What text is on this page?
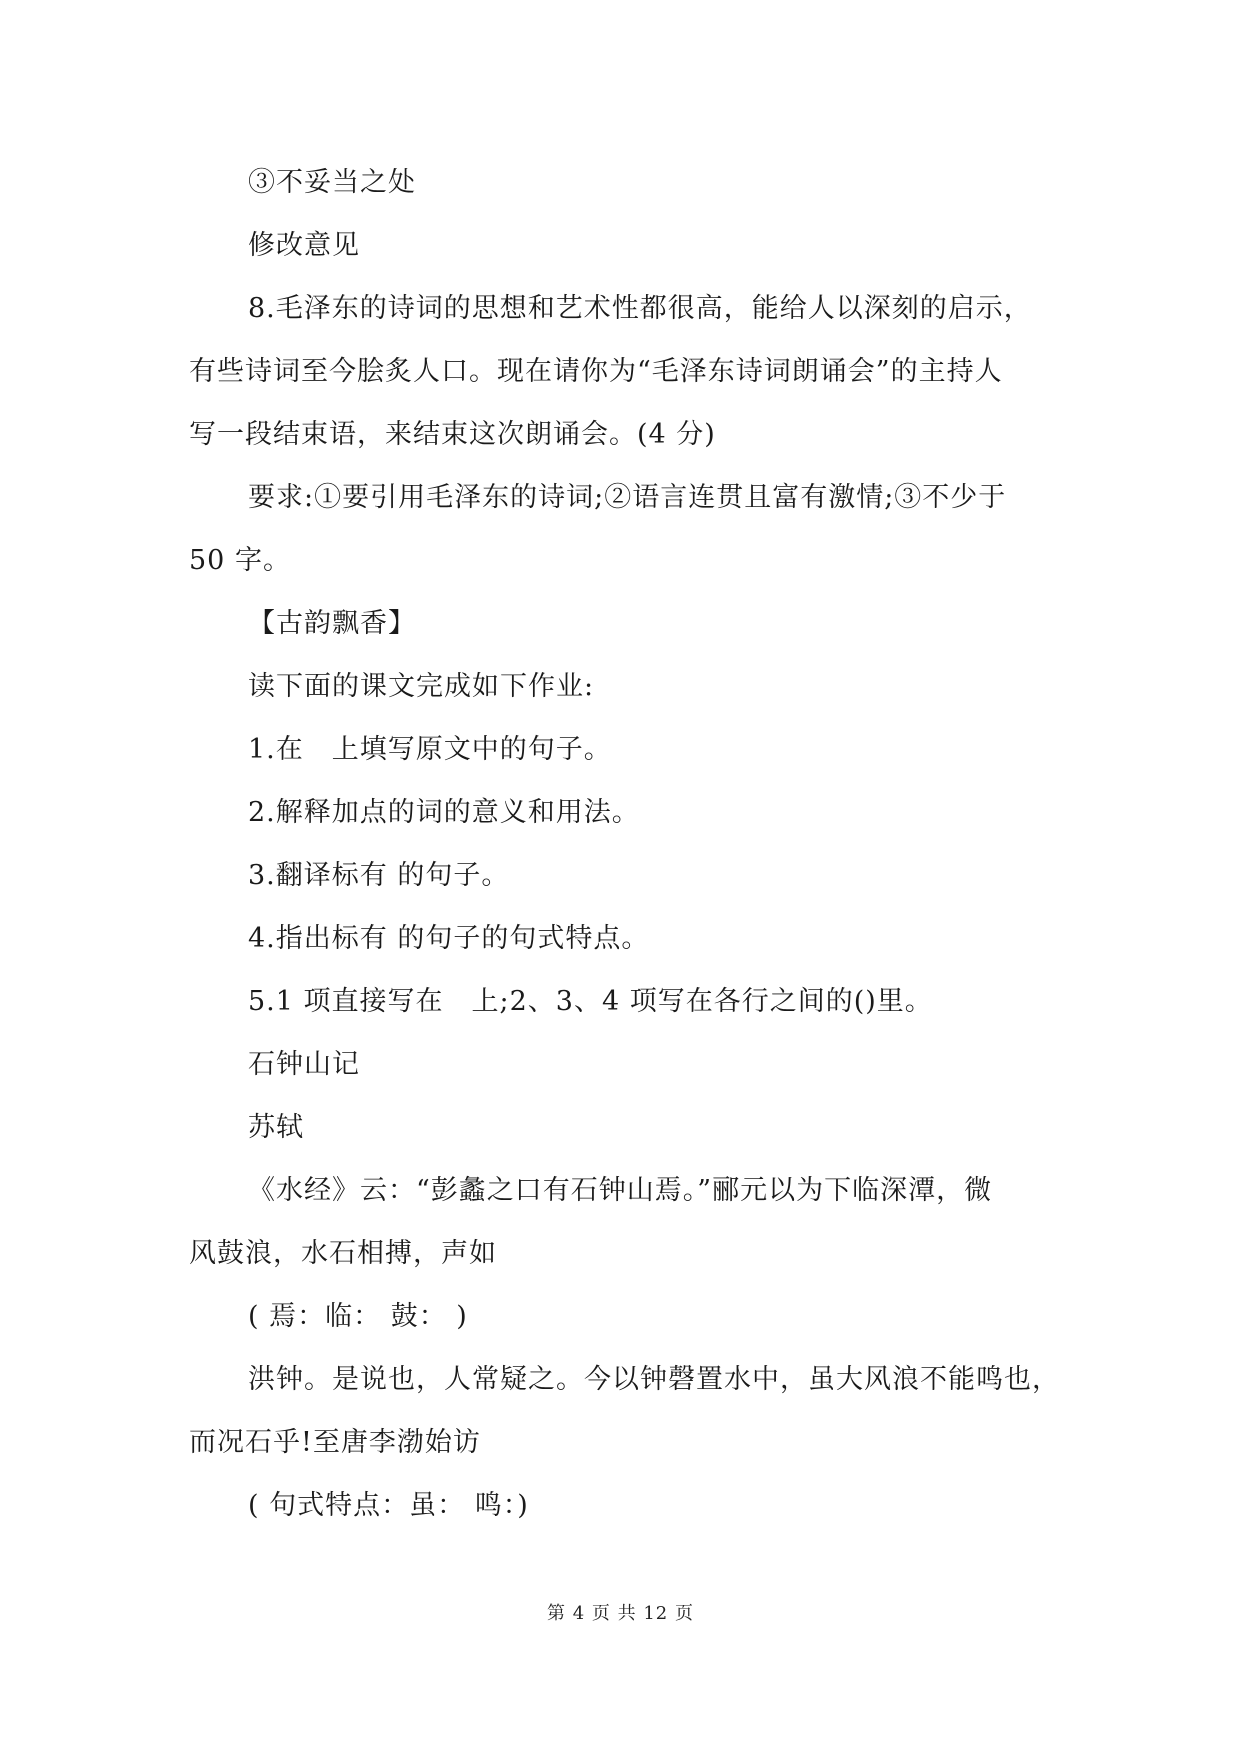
③不妥当之处
修改意见
8.毛泽东的诗词的思想和艺术性都很高，能给人以深刻的启示，
有些诗词至今脍炙人口。现在请你为“毛泽东诗词朗诵会”的主持人
写一段结束语，来结束这次朗诵会。(4 分)
要求:①要引用毛泽东的诗词;②语言连贯且富有激情;③不少于
50 字。
【古韵飘香】
读下面的课文完成如下作业:
1.在　上填写原文中的句子。
2.解释加点的词的意义和用法。
3.翻译标有 的句子。
4.指出标有 的句子的句式特点。
5.1 项直接写在　上;2、3、4 项写在各行之间的()里。
石钟山记
苏轼
《水经》云：“彭蠡之口有石钟山焉。”郦元以为下临深潭，微
风鼓浪，水石相搏，声如
( 焉：临： 鼓： )
洪钟。是说也，人常疑之。今以钟磬置水中，虽大风浪不能鸣也，
而况石乎!至唐李渤始访
( 句式特点：虽： 鸣：)
第 4 页 共 12 页
